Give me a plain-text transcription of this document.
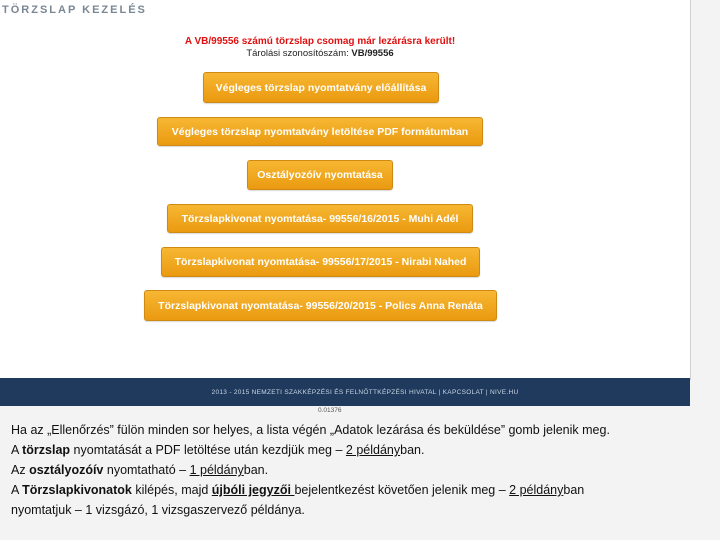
TÖRZSLAP KEZELÉS
A VB/99556 számú törzslap csomag már lezárásra került!
Tárolási szonosítószám: VB/99556
Végleges törzslap nyomtatvány előállítása
Végleges törzslap nyomtatvány letöltése PDF formátumban
Osztályozóív nyomtatása
Törzslapkivonat nyomtatása- 99556/16/2015 - Muhi Adél
Törzslapkivonat nyomtatása- 99556/17/2015 - Nirabi Nahed
Törzslapkivonat nyomtatása- 99556/20/2015 - Polics Anna Renáta
2013 - 2015 NEMZETI SZAKKÉPZÉSI ÉS FELNŐTTKÉPZÉSI HIVATAL | KAPCSOLAT | NIVE.HU
0.01376

Ha az „Ellenőrzés” fülön minden sor helyes, a lista végén „Adatok lezárása és beküldése” gomb jelenik meg.

A törzslap nyomtatását a PDF letöltése után kezdjük meg – 2 példányban.

Az osztályozóív nyomtatható – 1 példányban.

A Törzslapkivonatok kilépés, majd újbóli jegyzői bejelentkezést követően jelenik meg – 2 példányban

nyomtatjuk – 1 vizsgázó, 1 vizsgaszervező példánya.
